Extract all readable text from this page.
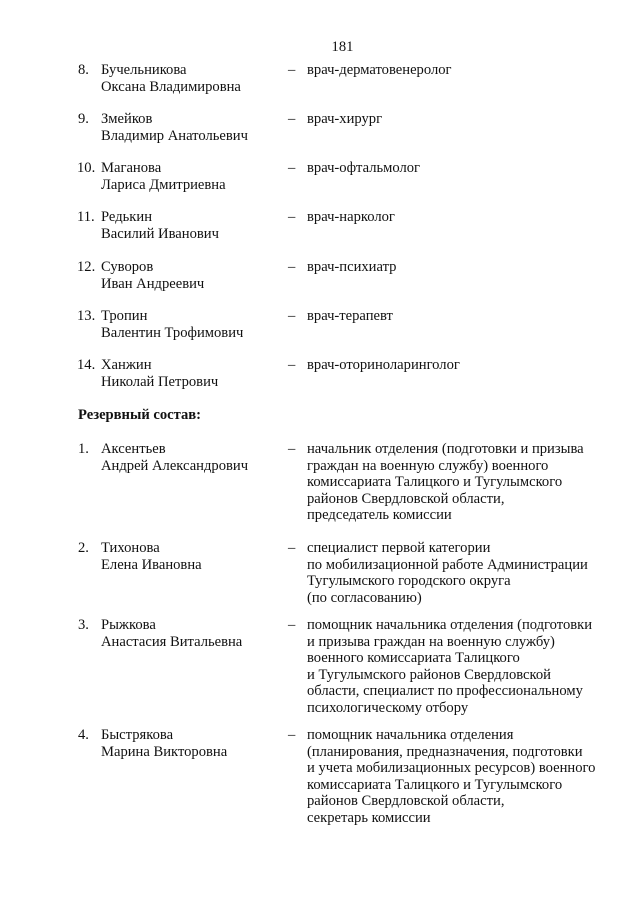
181
8. Бучельникова
Оксана Владимировна
– врач-дерматовенеролог
9. Змейков
Владимир Анатольевич
– врач-хирург
10. Маганова
Лариса Дмитриевна
– врач-офтальмолог
11. Редькин
Василий Иванович
– врач-нарколог
12. Суворов
Иван Андреевич
– врач-психиатр
13. Тропин
Валентин Трофимович
– врач-терапевт
14. Ханжин
Николай Петрович
– врач-оториноларинголог
Резервный состав:
1. Аксентьев
Андрей Александрович
– начальник отделения (подготовки и призыва
граждан на военную службу) военного
комиссариата Талицкого и Тугулымского
районов Свердловской области,
председатель комиссии
2. Тихонова
Елена Ивановна
– специалист первой категории
по мобилизационной работе Администрации
Тугулымского городского округа
(по согласованию)
3. Рыжкова
Анастасия Витальевна
– помощник начальника отделения (подготовки
и призыва граждан на военную службу)
военного комиссариата Талицкого
и Тугулымского районов Свердловской
области, специалист по профессиональному
психологическому отбору
4. Быстрякова
Марина Викторовна
– помощник начальника отделения
(планирования, предназначения, подготовки
и учета мобилизационных ресурсов) военного
комиссариата Талицкого и Тугулымского
районов Свердловской области,
секретарь комиссии
